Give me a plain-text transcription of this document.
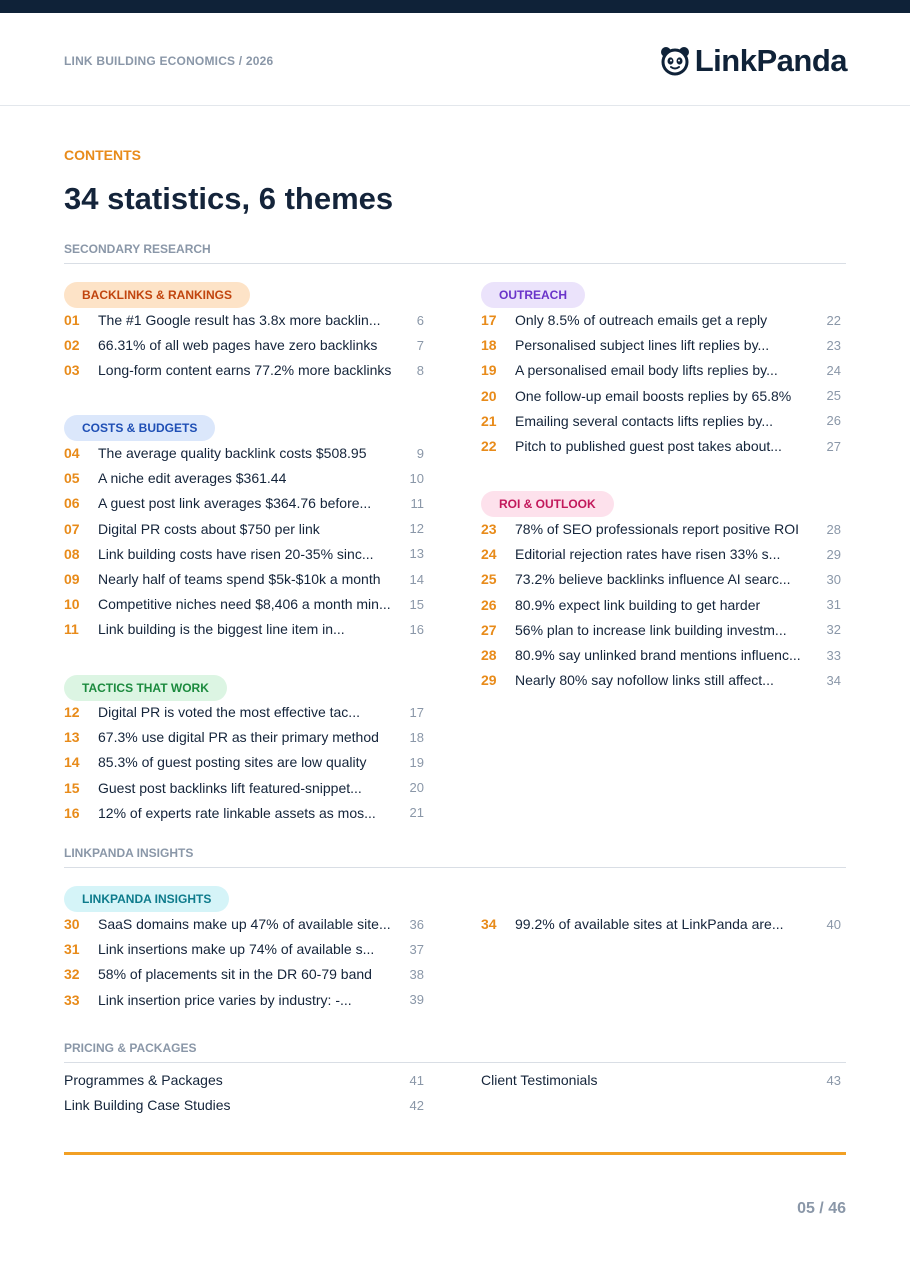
LINK BUILDING ECONOMICS / 2026	LinkPanda
CONTENTS
34 statistics, 6 themes
SECONDARY RESEARCH
BACKLINKS & RANKINGS
01	The #1 Google result has 3.8x more backlin...	6
02	66.31% of all web pages have zero backlinks	7
03	Long-form content earns 77.2% more backlinks	8
COSTS & BUDGETS
04	The average quality backlink costs $508.95	9
05	A niche edit averages $361.44	10
06	A guest post link averages $364.76 before...	11
07	Digital PR costs about $750 per link	12
08	Link building costs have risen 20-35% sinc...	13
09	Nearly half of teams spend $5k-$10k a month	14
10	Competitive niches need $8,406 a month min...	15
11	Link building is the biggest line item in...	16
TACTICS THAT WORK
12	Digital PR is voted the most effective tac...	17
13	67.3% use digital PR as their primary method	18
14	85.3% of guest posting sites are low quality	19
15	Guest post backlinks lift featured-snippet...	20
16	12% of experts rate linkable assets as mos...	21
OUTREACH
17	Only 8.5% of outreach emails get a reply	22
18	Personalised subject lines lift replies by...	23
19	A personalised email body lifts replies by...	24
20	One follow-up email boosts replies by 65.8%	25
21	Emailing several contacts lifts replies by...	26
22	Pitch to published guest post takes about...	27
ROI & OUTLOOK
23	78% of SEO professionals report positive ROI	28
24	Editorial rejection rates have risen 33% s...	29
25	73.2% believe backlinks influence AI searc...	30
26	80.9% expect link building to get harder	31
27	56% plan to increase link building investm...	32
28	80.9% say unlinked brand mentions influenc...	33
29	Nearly 80% say nofollow links still affect...	34
LINKPANDA INSIGHTS
LINKPANDA INSIGHTS
30	SaaS domains make up 47% of available site...	36
31	Link insertions make up 74% of available s...	37
32	58% of placements sit in the DR 60-79 band	38
33	Link insertion price varies by industry: -...	39
34	99.2% of available sites at LinkPanda are...	40
PRICING & PACKAGES
Programmes & Packages	41
Link Building Case Studies	42
Client Testimonials	43
05 / 46
